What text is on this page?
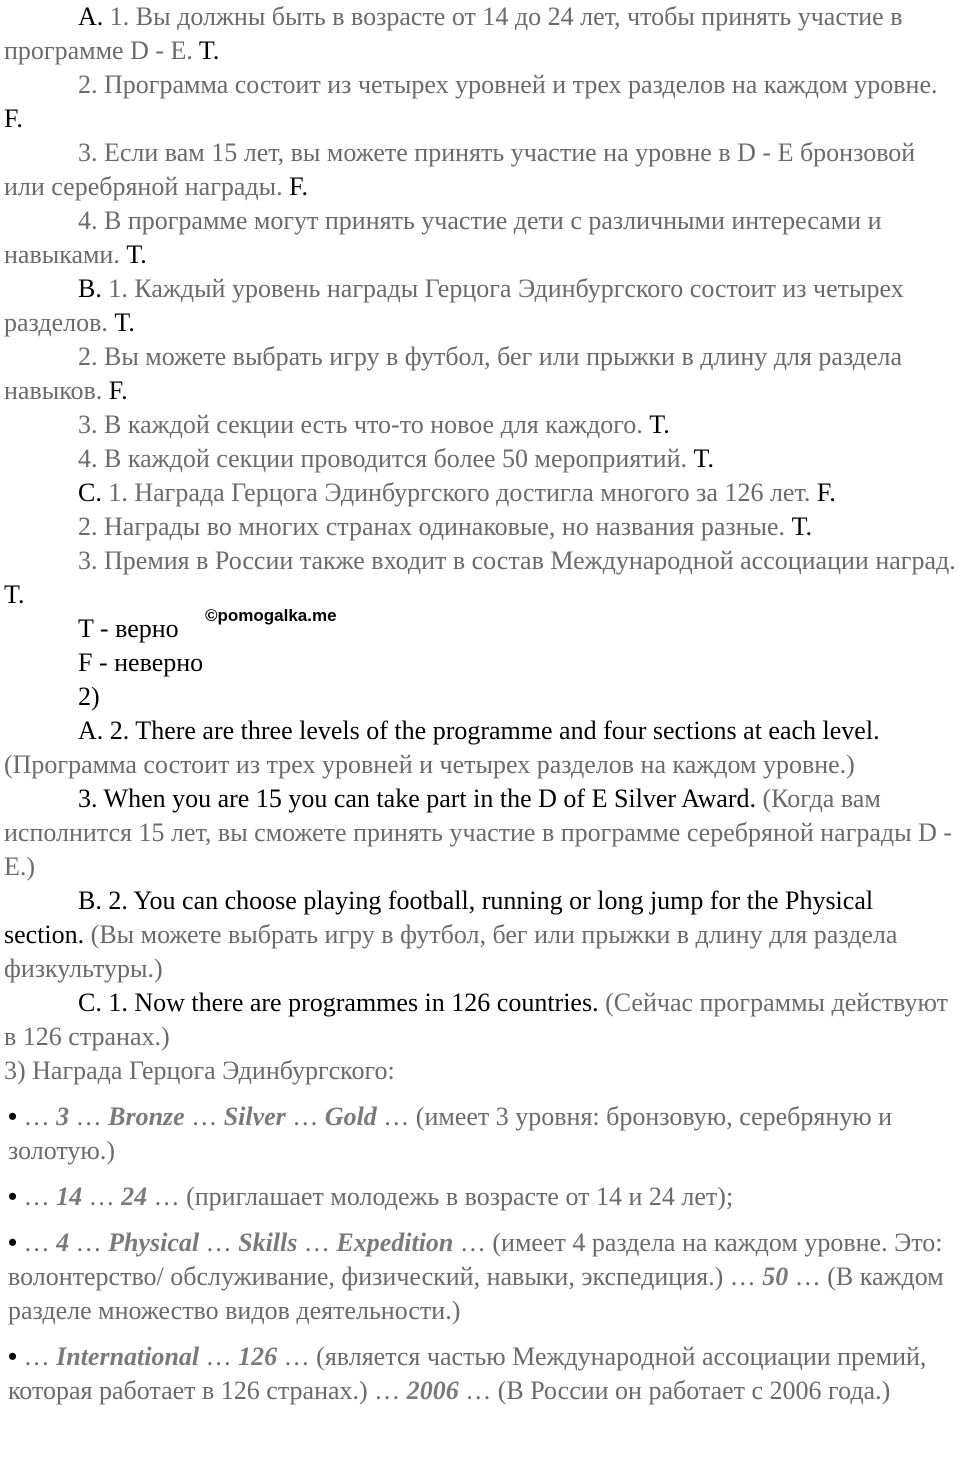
A. 1. Вы должны быть в возрасте от 14 до 24 лет, чтобы принять участие в программе D - E. T.

2. Программа состоит из четырех уровней и трех разделов на каждом уровне. F.

3. Если вам 15 лет, вы можете принять участие на уровне в D - E бронзовой или серебряной награды. F.

4. В программе могут принять участие дети с различными интересами и навыками. T.

B. 1. Каждый уровень награды Герцога Эдинбургского состоит из четырех разделов. T.

2. Вы можете выбрать игру в футбол, бег или прыжки в длину для раздела навыков. F.

3. В каждой секции есть что-то новое для каждого. T.

4. В каждой секции проводится более 50 мероприятий. T.

C. 1. Награда Герцога Эдинбургского достигла многого за 126 лет. F.

2. Награды во многих странах одинаковые, но названия разные. T.

3. Премия в России также входит в состав Международной ассоциации наград. T.

T - верно

F - неверно

©pomogalka.me

2)

A. 2. There are three levels of the programme and four sections at each level. (Программа состоит из трех уровней и четырех разделов на каждом уровне.)

3. When you are 15 you can take part in the D of E Silver Award. (Когда вам исполнится 15 лет, вы сможете принять участие в программе серебряной награды D - E.)

B. 2. You can choose playing football, running or long jump for the Physical section. (Вы можете выбрать игру в футбол, бег или прыжки в длину для раздела физкультуры.)

C. 1. Now there are programmes in 126 countries. (Сейчас программы действуют в 126 странах.)

3) Награда Герцога Эдинбургского:

• … 3 … Bronze … Silver … Gold … (имеет 3 уровня: бронзовую, серебряную и золотую.)

• … 14 … 24 … (приглашает молодежь в возрасте от 14 и 24 лет);

• … 4 … Physical … Skills … Expedition … (имеет 4 раздела на каждом уровне. Это: волонтерство/ обслуживание, физический, навыки, экспедиция.) … 50 … (В каждом разделе множество видов деятельности.)

• … International … 126 … (является частью Международной ассоциации премий, которая работает в 126 странах.) … 2006 … (В России он работает с 2006 года.)
